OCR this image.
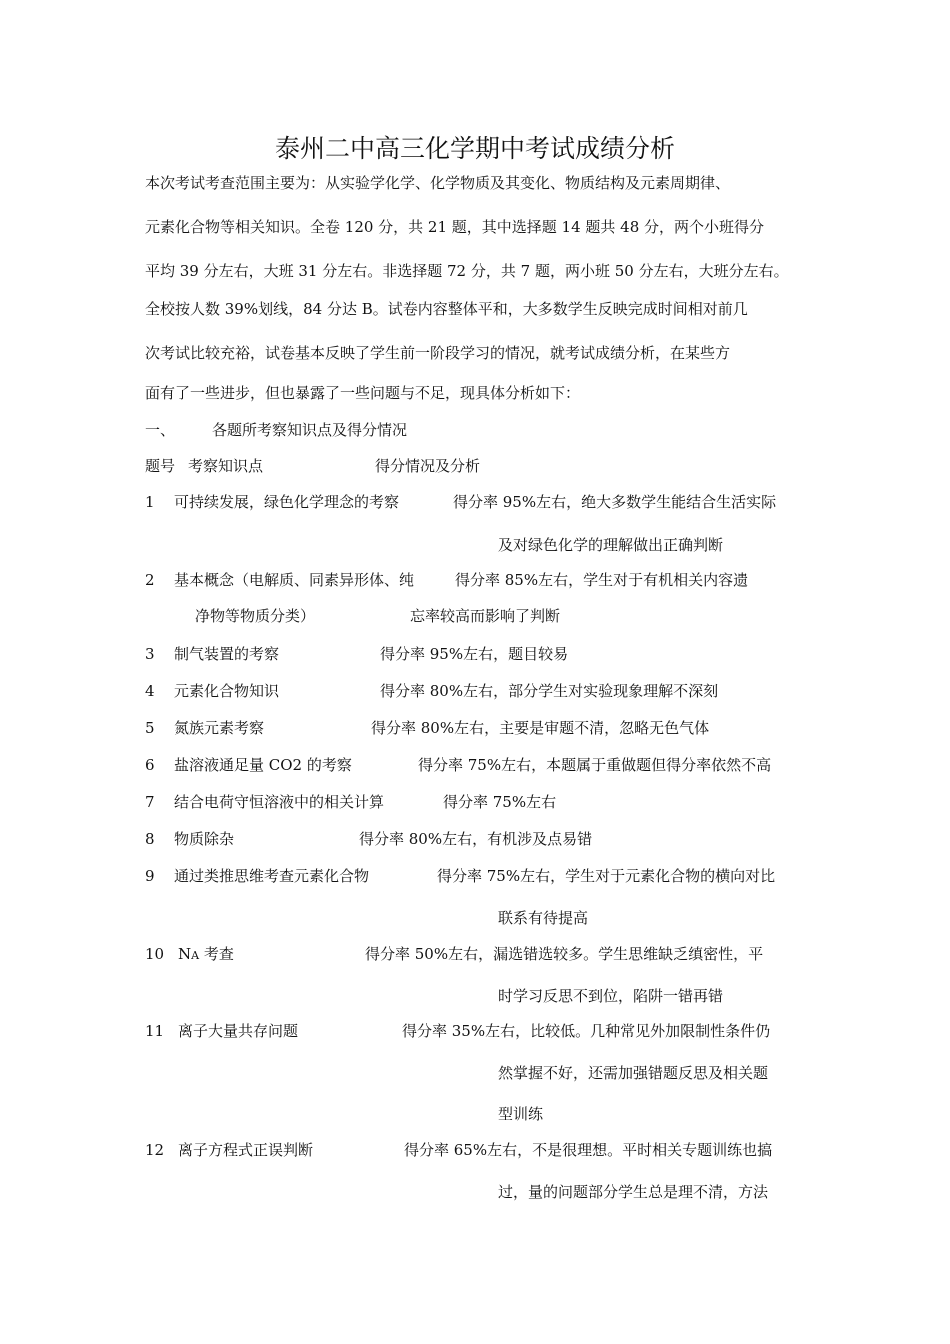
泰州二中高三化学期中考试成绩分析
本次考试考查范围主要为：从实验学化学、化学物质及其变化、物质结构及元素周期律、
元素化合物等相关知识。全卷 120 分，共 21 题，其中选择题 14 题共 48 分，两个小班得分
平均 39 分左右，大班 31 分左右。非选择题 72 分，共 7 题，两小班 50 分左右，大班分左右。
全校按人数 39%划线，84 分达 B。试卷内容整体平和，大多数学生反映完成时间相对前几
次考试比较充裕，试卷基本反映了学生前一阶段学习的情况，就考试成绩分析，在某些方
面有了一些进步，但也暴露了一些问题与不足，现具体分析如下：
一、 各题所考察知识点及得分情况
题号 考察知识点	得分情况及分析
1 可持续发展，绿色化学理念的考察	得分率 95%左右，绝大多数学生能结合生活实际
及对绿色化学的理解做出正确判断
2 基本概念（电解质、同素异形体、纯	得分率 85%左右，学生对于有机相关内容遗
净物等物质分类）	忘率较高而影响了判断
3 制气装置的考察	得分率 95%左右，题目较易
4 元素化合物知识	得分率 80%左右，部分学生对实验现象理解不深刻
5 氮族元素考察	得分率 80%左右，主要是审题不清，忽略无色气体
6 盐溶液通足量 CO2 的考察	得分率 75%左右，本题属于重做题但得分率依然不高
7 结合电荷守恒溶液中的相关计算	得分率 75%左右
8 物质除杂	得分率 80%左右，有机涉及点易错
9 通过类推思维考查元素化合物	得分率 75%左右，学生对于元素化合物的横向对比
联系有待提高
10 NA 考查	得分率 50%左右，漏选错选较多。学生思维缺乏缜密性，平
时学习反思不到位，陷阱一错再错
11 离子大量共存问题	得分率 35%左右，比较低。几种常见外加限制性条件仍
然掌握不好，还需加强错题反思及相关题
型训练
12 离子方程式正误判断	得分率 65%左右，不是很理想。平时相关专题训练也搞
过，量的问题部分学生总是理不清，方法
